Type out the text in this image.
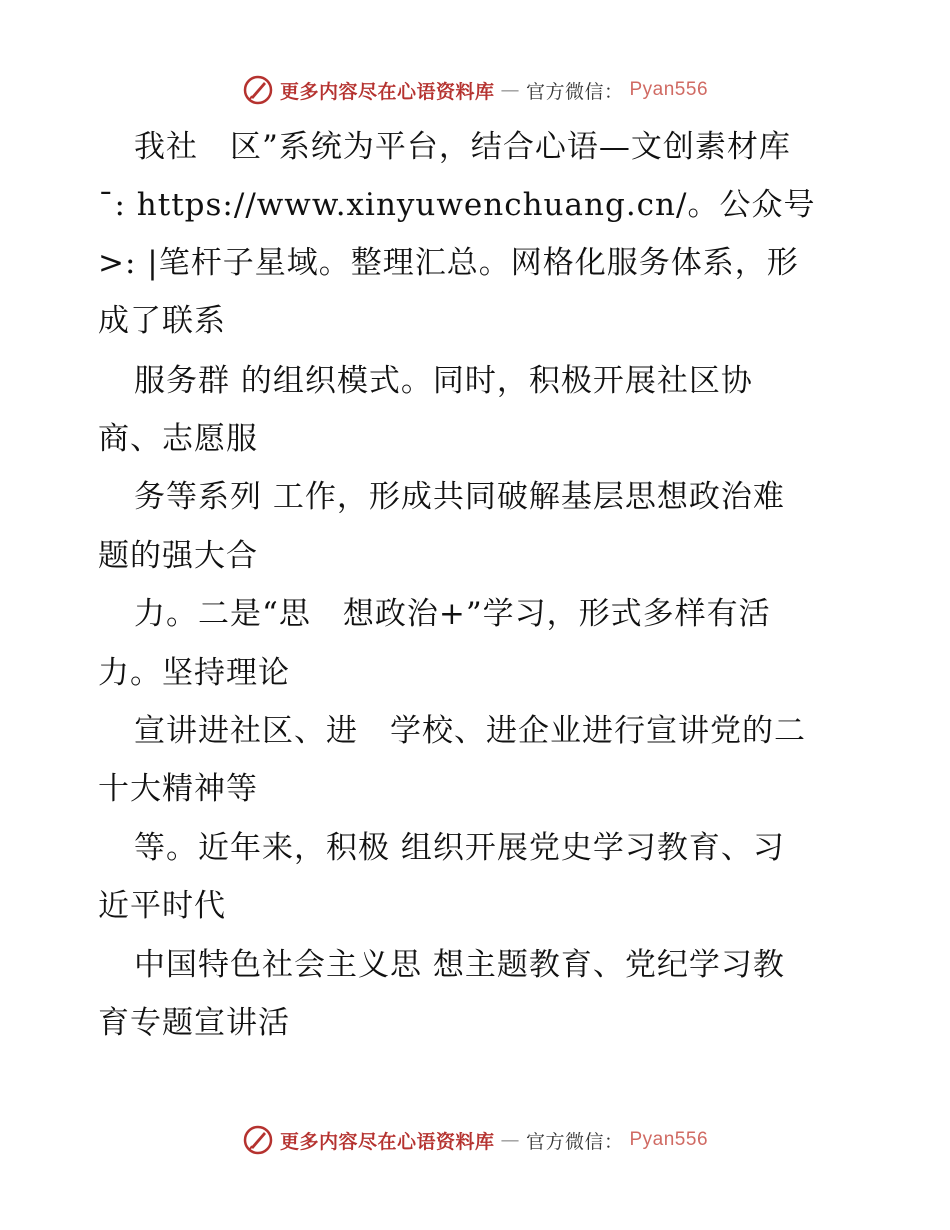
更多内容尽在心语资料库 — 官方微信： Pyan556
我社　区”系统为平台，结合心语—文创素材库
¯: https://www.xinyuwenchuang.cn/。公众号
>: |笔杆子星域。整理汇总。网格化服务体系，形
成了联系
服务群 的组织模式。同时，积极开展社区协
商、志愿服
务等系列 工作，形成共同破解基层思想政治难
题的强大合
力。二是“思　想政治+”学习，形式多样有活
力。坚持理论
宣讲进社区、进　学校、进企业进行宣讲党的二
十大精神等
等。近年来，积极 组织开展党史学习教育、习
近平时代
中国特色社会主义思 想主题教育、党纪学习教
育专题宣讲活
更多内容尽在心语资料库 — 官方微信： Pyan556
